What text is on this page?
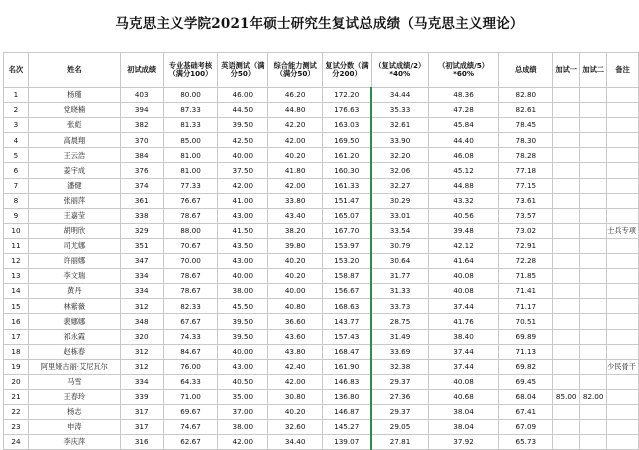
马克思主义学院2021年硕士研究生复试总成绩（马克思主义理论）
名次	姓名	初试成绩	专业基础考核（满分100）	英语测试（满分50）	综合能力测试（满分50）	复试分数（满分200）	（复试成绩/2）*40%	（初试成绩/5）*60%	总成绩	加试一	加试二	备注
1	杨瑾	403	80.00	46.00	46.20	172.20	34.44	48.36	82.80			
2	党晓楠	394	87.33	44.50	44.80	176.63	35.33	47.28	82.61			
3	张彪	382	81.33	39.50	42.20	163.03	32.61	45.84	78.45			
4	高晨翔	370	85.00	42.50	42.00	169.50	33.90	44.40	78.30			
5	王云浩	384	81.00	40.00	40.20	161.20	32.20	46.08	78.28			
6	姜宇成	376	81.00	37.50	41.80	160.30	32.06	45.12	77.18			
7	潘健	374	77.33	42.00	42.00	161.33	32.27	44.88	77.15			
8	张丽萍	361	76.67	41.00	33.80	151.47	30.29	43.32	73.61			
9	王嘉莹	338	78.67	43.00	43.40	165.07	33.01	40.56	73.57			
10	胡明欣	329	88.00	41.50	38.20	167.70	33.54	39.48	73.02			士兵专项
11	司尤娜	351	70.67	43.50	39.80	153.97	30.79	42.12	72.91			
12	许丽娜	347	70.00	43.00	40.20	153.20	30.64	41.64	72.28			
13	李文瑞	334	78.67	40.00	40.20	158.87	31.77	40.08	71.85			
14	黄丹	334	78.67	38.00	40.00	156.67	31.33	40.08	71.41			
15	林紫薇	312	82.33	45.50	40.80	168.63	33.73	37.44	71.17			
16	裴娜娜	348	67.67	39.50	36.60	143.77	28.75	41.76	70.51			
17	祁永霞	320	74.33	39.50	43.60	157.43	31.49	38.40	69.89			
18	赵栋春	312	84.67	40.00	43.80	168.47	33.69	37.44	71.13			
19	阿里娅古丽·艾尼瓦尔	312	76.00	43.00	42.40	161.90	32.38	37.44	69.82			少民骨干
20	马雪	334	64.33	40.50	42.00	146.83	29.37	40.08	69.45			
21	王春玲	339	71.00	35.00	30.80	136.80	27.36	40.68	68.04	85.00	82.00	
22	杨志	317	69.67	37.00	40.20	146.87	29.37	38.04	67.41			
23	申涛	317	74.67	38.00	32.60	145.27	29.05	38.04	67.09			
24	李庆萍	316	62.67	42.00	34.40	139.07	27.81	37.92	65.73			
